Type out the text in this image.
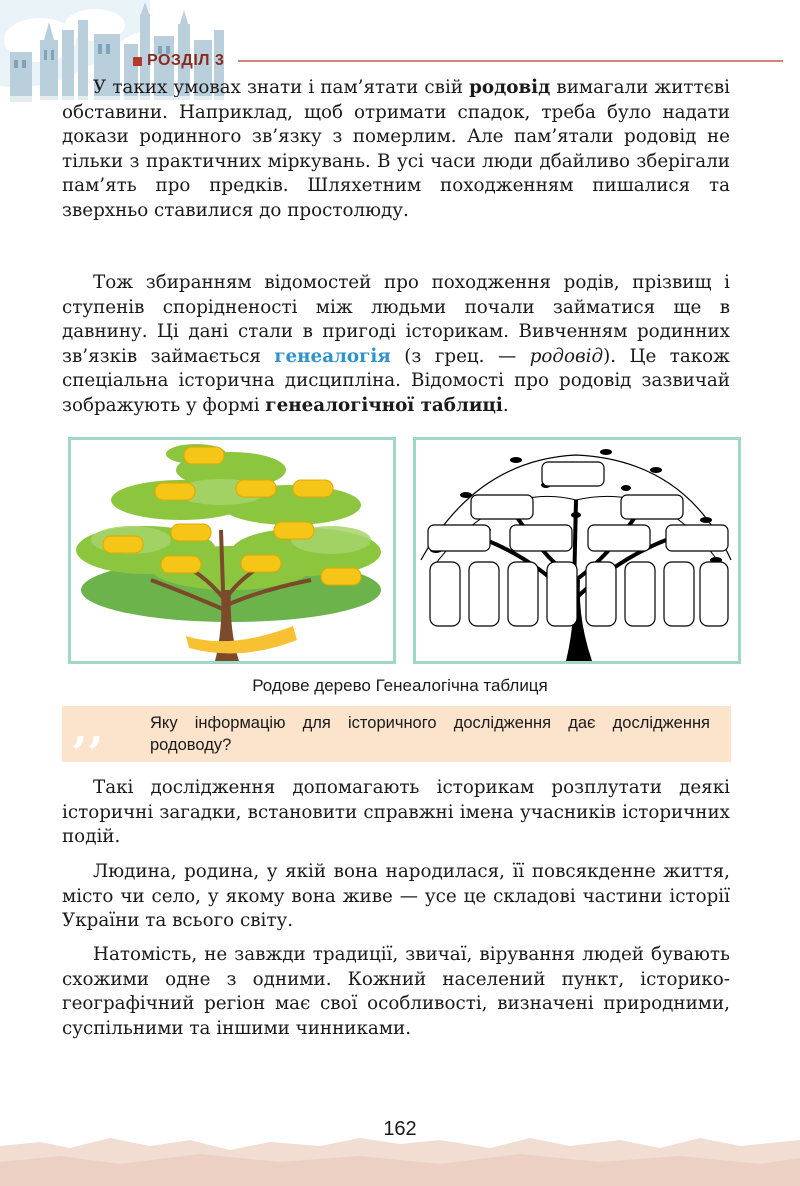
РОЗДІЛ 3

У таких умовах знати і пам’ятати свій родовід вимагали життєві обставини. Наприклад, щоб отримати спадок, треба було надати докази родинного зв’язку з померлим. Але пам’ятали родовід не тільки з практичних міркувань. В усі часи люди дбайливо зберігали пам’ять про предків. Шляхетним походженням пишалися та зверхньо ставилися до простолюду.

Тож збиранням відомостей про походження родів, прізвищ і ступенів спорідненості між людьми почали займатися ще в давнину. Ці дані стали в пригоді історикам. Вивченням родинних зв’язків займається генеалогія (з грец. — родовід). Це також спеціальна історична дисципліна. Відомості про родовід зазвичай зображують у формі генеалогічної таблиці.

Родове дерево Генеалогічна таблиця
‚‚	Яку інформацію для історичного дослідження дає дослідження родоводу?	„

Такі дослідження допомагають історикам розплутати деякі історичні загадки, встановити справжні імена учасників історичних подій.

Людина, родина, у якій вона народилася, її повсякденне життя, місто чи село, у якому вона живе — усе це складові частини історії України та всього світу.

Натомість, не завжди традиції, звичаї, вірування людей бувають схожими одне з одними. Кожний населений пункт, історико-географічний регіон має свої особливості, визначені природними, суспільними та іншими чинниками.

162
